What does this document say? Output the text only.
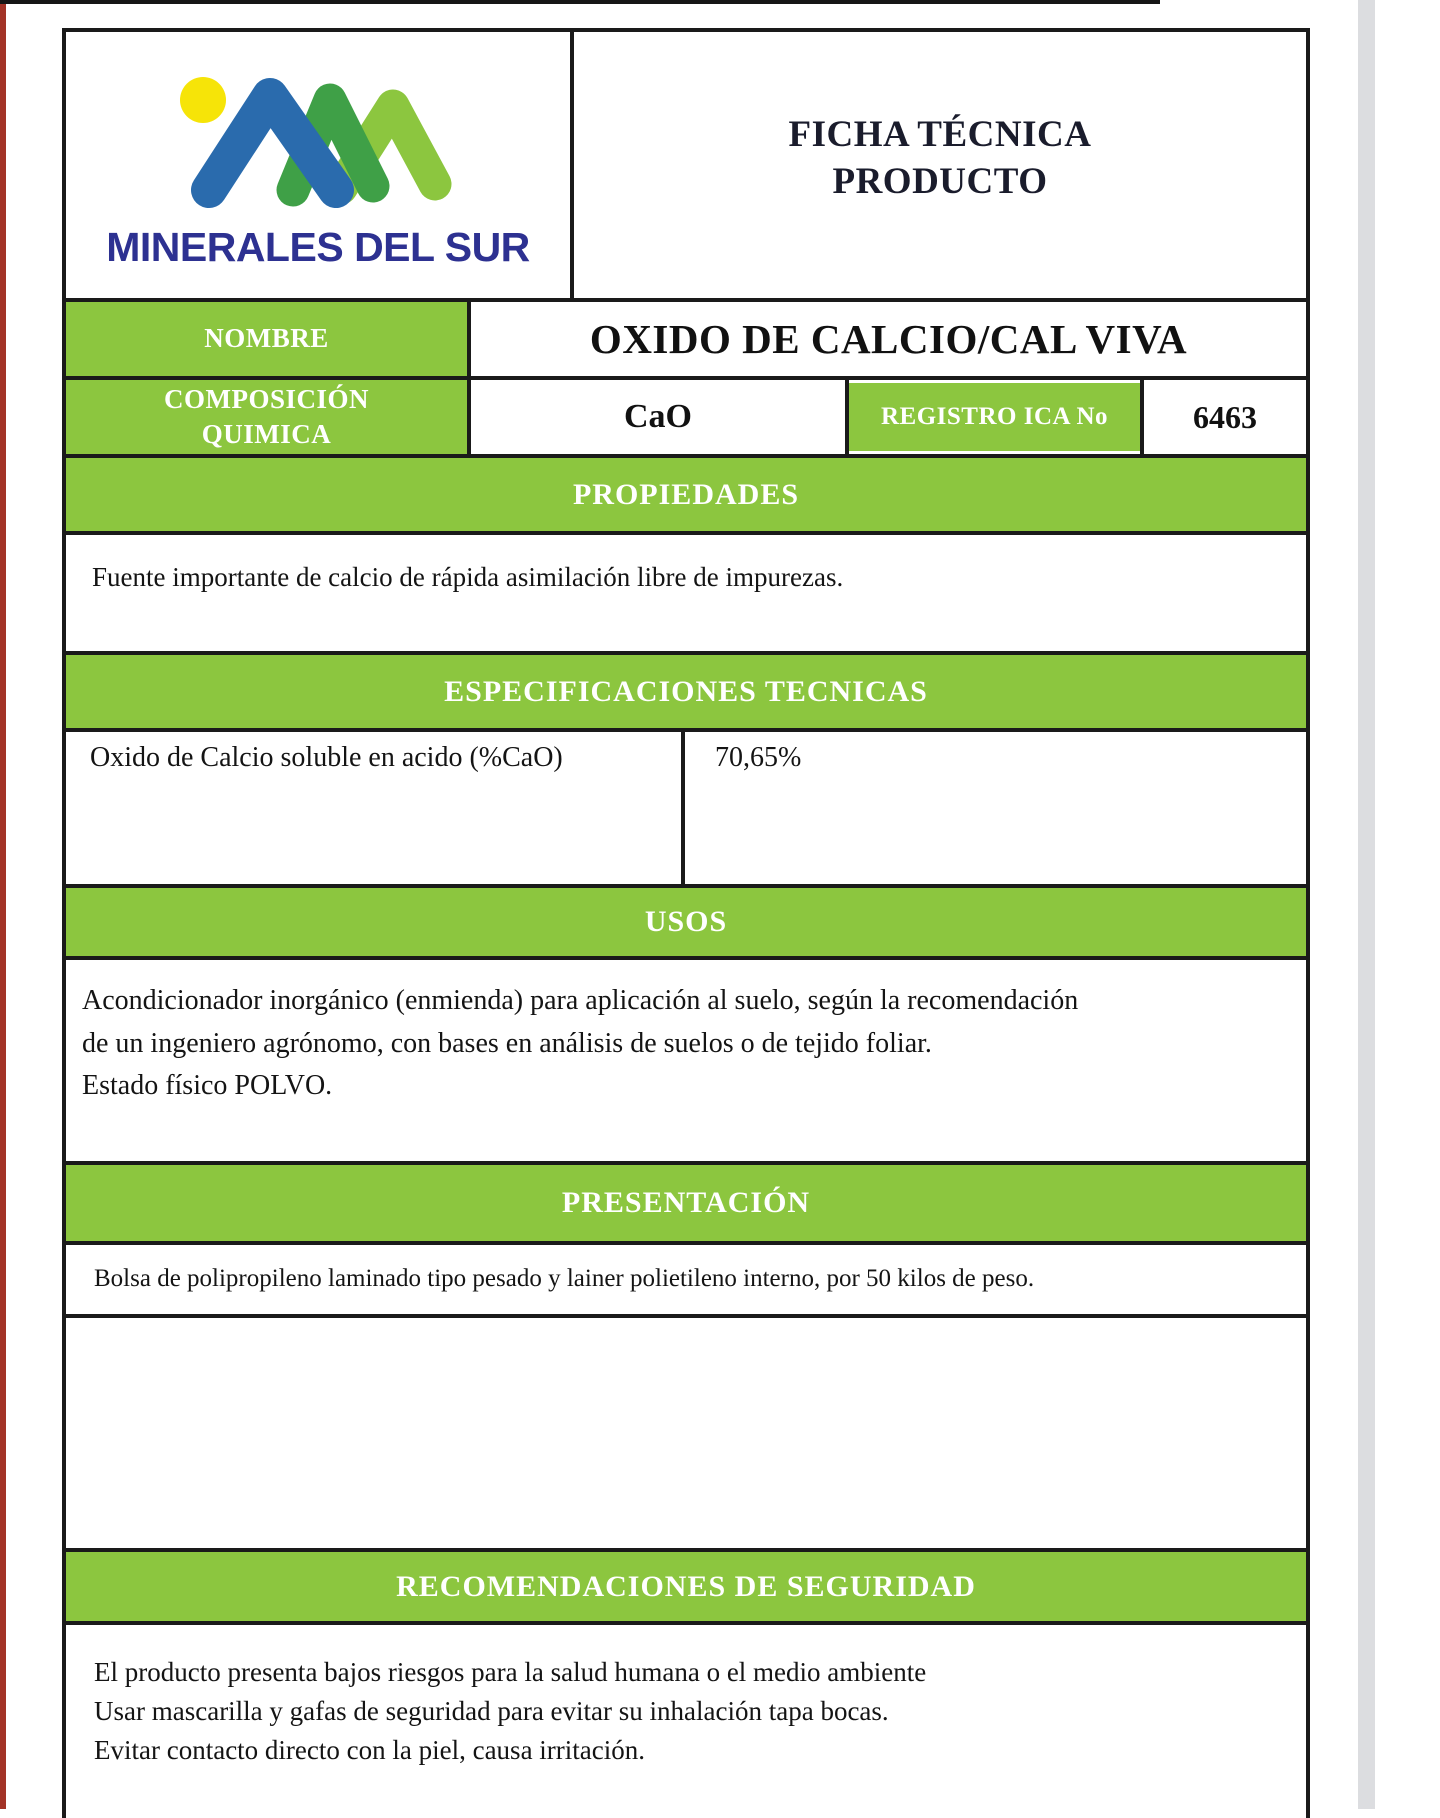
MINERALES DEL SUR
FICHA TÉCNICA
PRODUCTO
NOMBRE	OXIDO DE CALCIO/CAL VIVA
COMPOSICIÓN
QUIMICA	CaO	REGISTRO ICA No	6463
PROPIEDADES
Fuente importante de calcio de rápida asimilación libre de impurezas.
ESPECIFICACIONES TECNICAS
Oxido de Calcio soluble en acido (%CaO)	70,65%
USOS
Acondicionador inorgánico (enmienda) para aplicación al suelo, según la recomendación
de un ingeniero agrónomo, con bases en análisis de suelos o de tejido foliar.
Estado físico POLVO.
PRESENTACIÓN
Bolsa de polipropileno laminado tipo pesado y lainer polietileno interno, por 50 kilos de peso.
RECOMENDACIONES DE SEGURIDAD
El producto presenta bajos riesgos para la salud humana o el medio ambiente
Usar mascarilla y gafas de seguridad para evitar su inhalación tapa bocas.
Evitar contacto directo con la piel, causa irritación.
